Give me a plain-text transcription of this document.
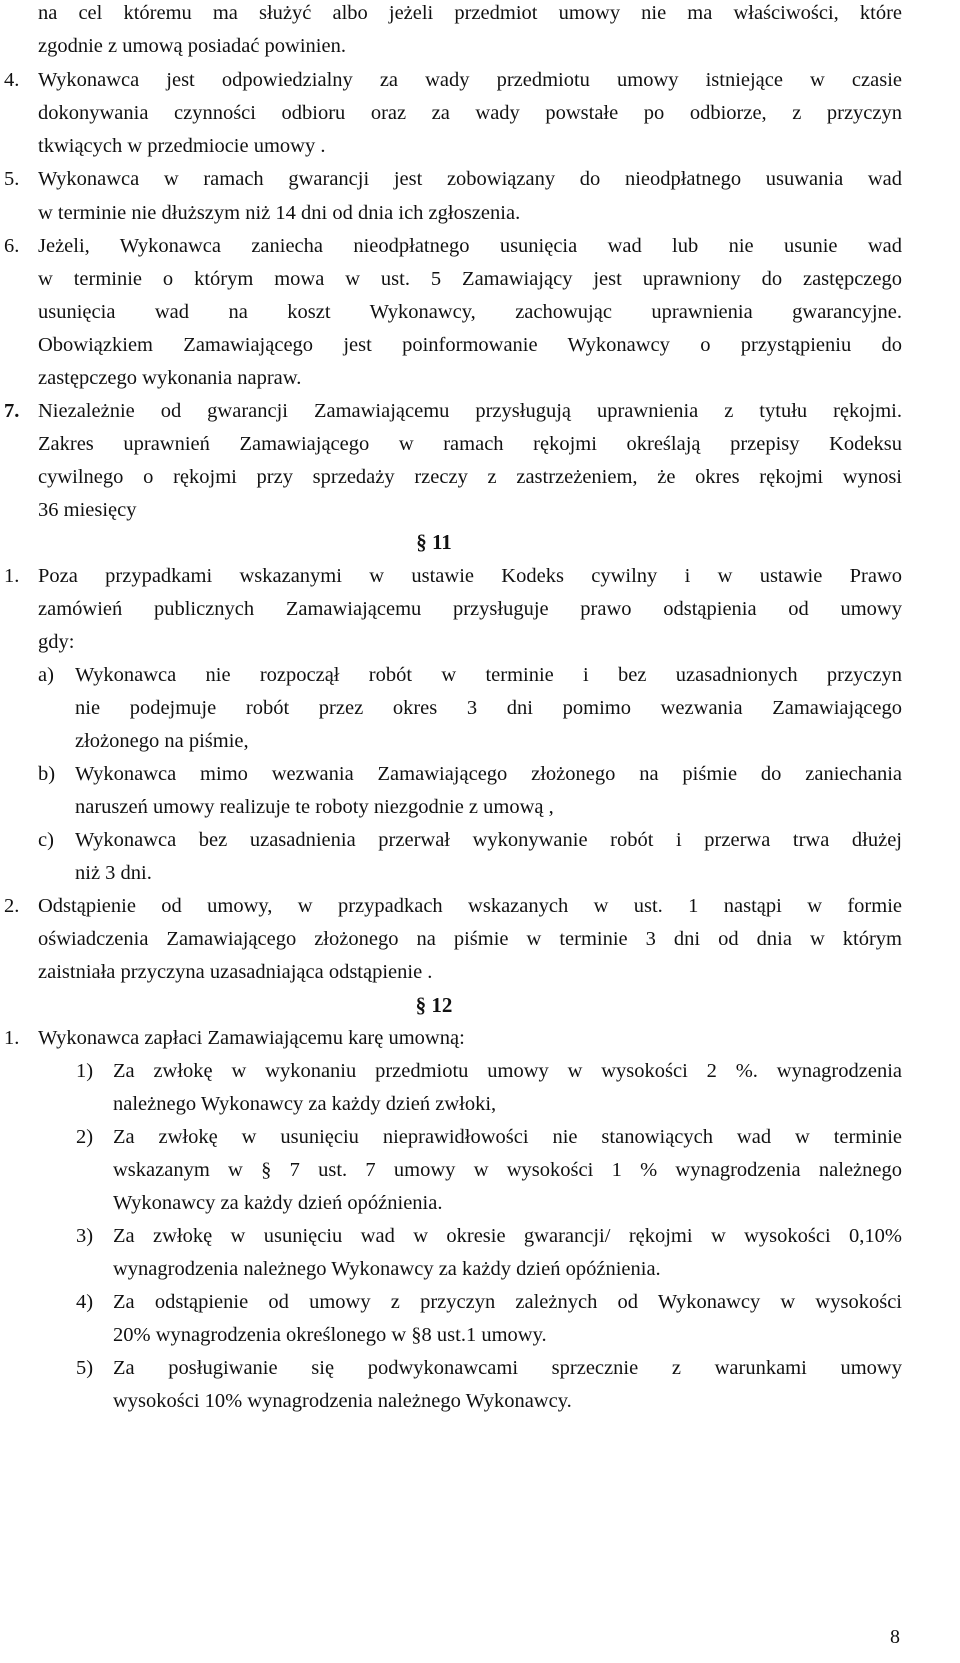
na cel któremu ma służyć albo jeżeli przedmiot umowy nie ma właściwości, które
zgodnie z umową posiadać powinien.
4. Wykonawca jest odpowiedzialny za wady przedmiotu umowy istniejące w czasie
dokonywania czynności odbioru oraz za wady powstałe po odbiorze, z przyczyn
tkwiących w przedmiocie umowy .
5. Wykonawca w ramach gwarancji jest zobowiązany do nieodpłatnego usuwania wad
w terminie nie dłuższym niż 14 dni od dnia ich zgłoszenia.
6. Jeżeli, Wykonawca zaniecha nieodpłatnego usunięcia wad lub nie usunie wad
w terminie o którym mowa w ust. 5 Zamawiający jest uprawniony do zastępczego
usunięcia wad na koszt Wykonawcy, zachowując uprawnienia gwarancyjne.
Obowiązkiem Zamawiającego jest poinformowanie Wykonawcy o przystąpieniu do
zastępczego wykonania napraw.
7. Niezależnie od gwarancji Zamawiającemu przysługują uprawnienia z tytułu rękojmi.
Zakres uprawnień Zamawiającego w ramach rękojmi określają przepisy Kodeksu
cywilnego o rękojmi przy sprzedaży rzeczy z zastrzeżeniem, że okres rękojmi wynosi
36 miesięcy
§ 11
1. Poza przypadkami wskazanymi w ustawie Kodeks cywilny i w ustawie Prawo
zamówień publicznych Zamawiającemu przysługuje prawo odstąpienia od umowy
gdy:
a) Wykonawca nie rozpoczął robót w terminie i bez uzasadnionych przyczyn
nie podejmuje robót przez okres 3 dni pomimo wezwania Zamawiającego
złożonego na piśmie,
b) Wykonawca mimo wezwania Zamawiającego złożonego na piśmie do zaniechania
naruszeń umowy realizuje te roboty niezgodnie z umową ,
c) Wykonawca bez uzasadnienia przerwał wykonywanie robót i przerwa trwa dłużej
niż 3 dni.
2. Odstąpienie od umowy, w przypadkach wskazanych w ust. 1 nastąpi w formie
oświadczenia Zamawiającego złożonego na piśmie w terminie 3 dni od dnia w którym
zaistniała przyczyna uzasadniająca odstąpienie .
§ 12
1. Wykonawca zapłaci Zamawiającemu karę umowną:
1) Za zwłokę w wykonaniu przedmiotu umowy w wysokości 2 %. wynagrodzenia
należnego Wykonawcy za każdy dzień zwłoki,
2) Za zwłokę w usunięciu nieprawidłowości nie stanowiących wad w terminie
wskazanym w § 7 ust. 7 umowy w wysokości 1 % wynagrodzenia należnego
Wykonawcy za każdy dzień opóźnienia.
3) Za zwłokę w usunięciu wad w okresie gwarancji/ rękojmi w wysokości 0,10%
wynagrodzenia należnego Wykonawcy za każdy dzień opóźnienia.
4) Za odstąpienie od umowy z przyczyn zależnych od Wykonawcy w wysokości
20% wynagrodzenia określonego w §8 ust.1 umowy.
5) Za posługiwanie się podwykonawcami sprzecznie z warunkami umowy
wysokości 10% wynagrodzenia należnego Wykonawcy.
8
